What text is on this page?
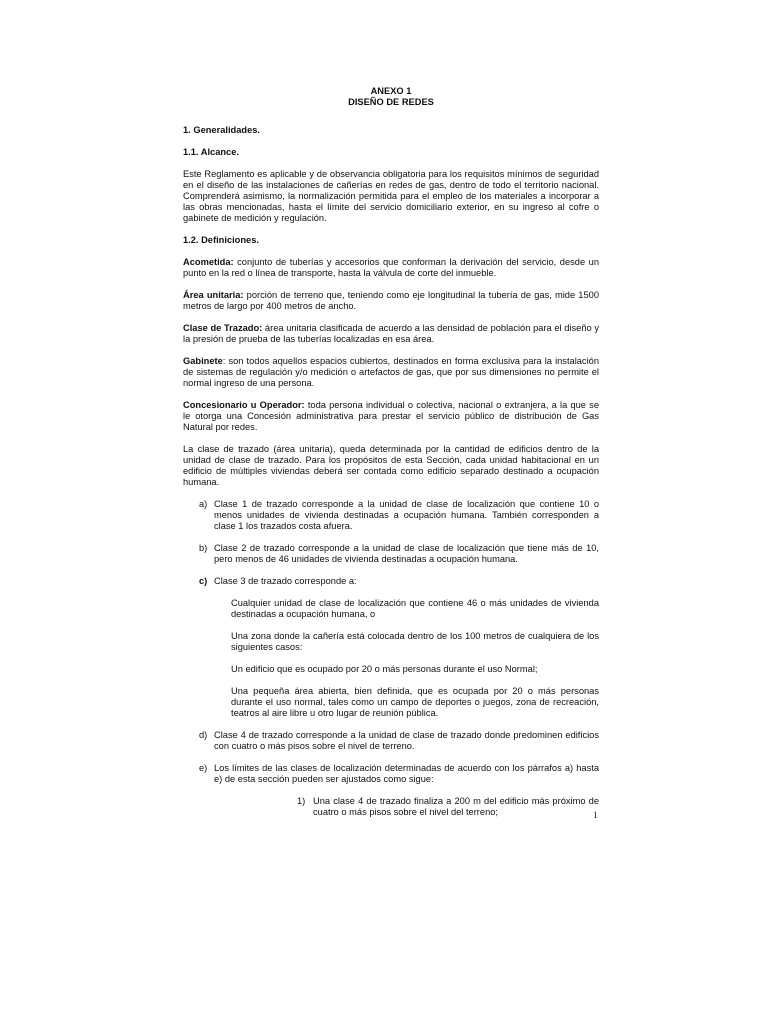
ANEXO 1

DISEÑO DE REDES

1. Generalidades.

1.1. Alcance.

Este Reglamento es aplicable y de observancia obligatoria para los requisitos mínimos de seguridad en el diseño de las instalaciones de cañerías en redes de gas, dentro de todo el territorio nacional. Comprenderá asimismo, la normalización permitida para el empleo de los materiales a incorporar a las obras mencionadas, hasta el límite del servicio domiciliario exterior, en su ingreso al cofre o gabinete de medición y regulación.

1.2. Definiciones.

Acometida: conjunto de tuberías y accesorios que conforman la derivación del servicio, desde un punto en la red o línea de transporte, hasta la válvula de corte del inmueble.

Área unitaria: porción de terreno que, teniendo como eje longitudinal la tubería de gas, mide 1500 metros de largo por 400 metros de ancho.

Clase de Trazado: área unitaria clasificada de acuerdo a las densidad de población para el diseño y la presión de prueba de las tuberías localizadas en esa área.

Gabinete: son todos aquellos espacios cubiertos, destinados en forma exclusiva para la instalación de sistemas de regulación y/o medición o artefactos de gas, que por sus dimensiones no permite el normal ingreso de una persona.

Concesionario u Operador: toda persona individual o colectiva, nacional o extranjera, a la que se le otorga una Concesión administrativa para prestar el servicio público de distribución de Gas Natural por redes.

La clase de trazado (área unitaria), queda determinada por la cantidad de edificios dentro de la unidad de clase de trazado. Para los propósitos de esta Sección, cada unidad habitacional en un edificio de múltiples viviendas deberá ser contada como edificio separado destinado a ocupación humana.

a) Clase 1 de trazado corresponde a la unidad de clase de localización que contiene 10 o menos unidades de vivienda destinadas a ocupación humana. También corresponden a clase 1 los trazados costa afuera.
b) Clase 2 de trazado corresponde a la unidad de clase de localización que tiene más de 10, pero menos de 46 unidades de vivienda destinadas a ocupación humana.
c) Clase 3 de trazado corresponde a:

Cualquier unidad de clase de localización que contiene 46 o más unidades de vivienda destinadas a ocupación humana, o

Una zona donde la cañería está colocada dentro de los 100 metros de cualquiera de los siguientes casos:

Un edificio que es ocupado por 20 o más personas durante el uso Normal;

Una pequeña área abierta, bien definida, que es ocupada por 20 o más personas durante el uso normal, tales como un campo de deportes o juegos, zona de recreación, teatros al aire libre u otro lugar de reunión pública.

d) Clase 4 de trazado corresponde a la unidad de clase de trazado donde predominen edificios con cuatro o más pisos sobre el nivel de terreno.
e) Los límites de las clases de localización determinadas de acuerdo con los párrafos a) hasta e) de esta sección pueden ser ajustados como sigue:
1) Una clase 4 de trazado finaliza a 200 m del edificio más próximo de cuatro o más pisos sobre el nivel del terreno;	1
